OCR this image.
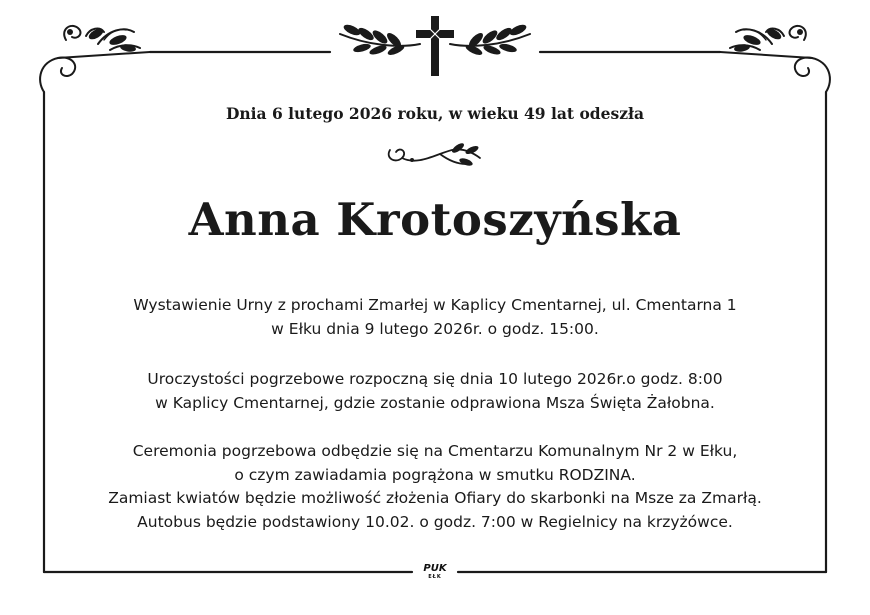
Dnia 6 lutego 2026 roku, w wieku 49 lat odeszła
Anna Krotoszyńska
Wystawienie Urny z prochami Zmarłej w Kaplicy Cmentarnej, ul. Cmentarna 1
w Ełku dnia 9 lutego 2026r. o godz. 15:00.
Uroczystości pogrzebowe rozpoczną się dnia 10 lutego 2026r.o godz. 8:00
w Kaplicy Cmentarnej, gdzie zostanie odprawiona Msza Święta Żałobna.
Ceremonia pogrzebowa odbędzie się na Cmentarzu Komunalnym Nr 2 w Ełku,
o czym zawiadamia pogrążona w smutku RODZINA.
Zamiast kwiatów będzie możliwość złożenia Ofiary do skarbonki na Msze za Zmarłą.
Autobus będzie podstawiony 10.02. o godz. 7:00 w Regielnicy na krzyżówce.
PUK
EŁK
